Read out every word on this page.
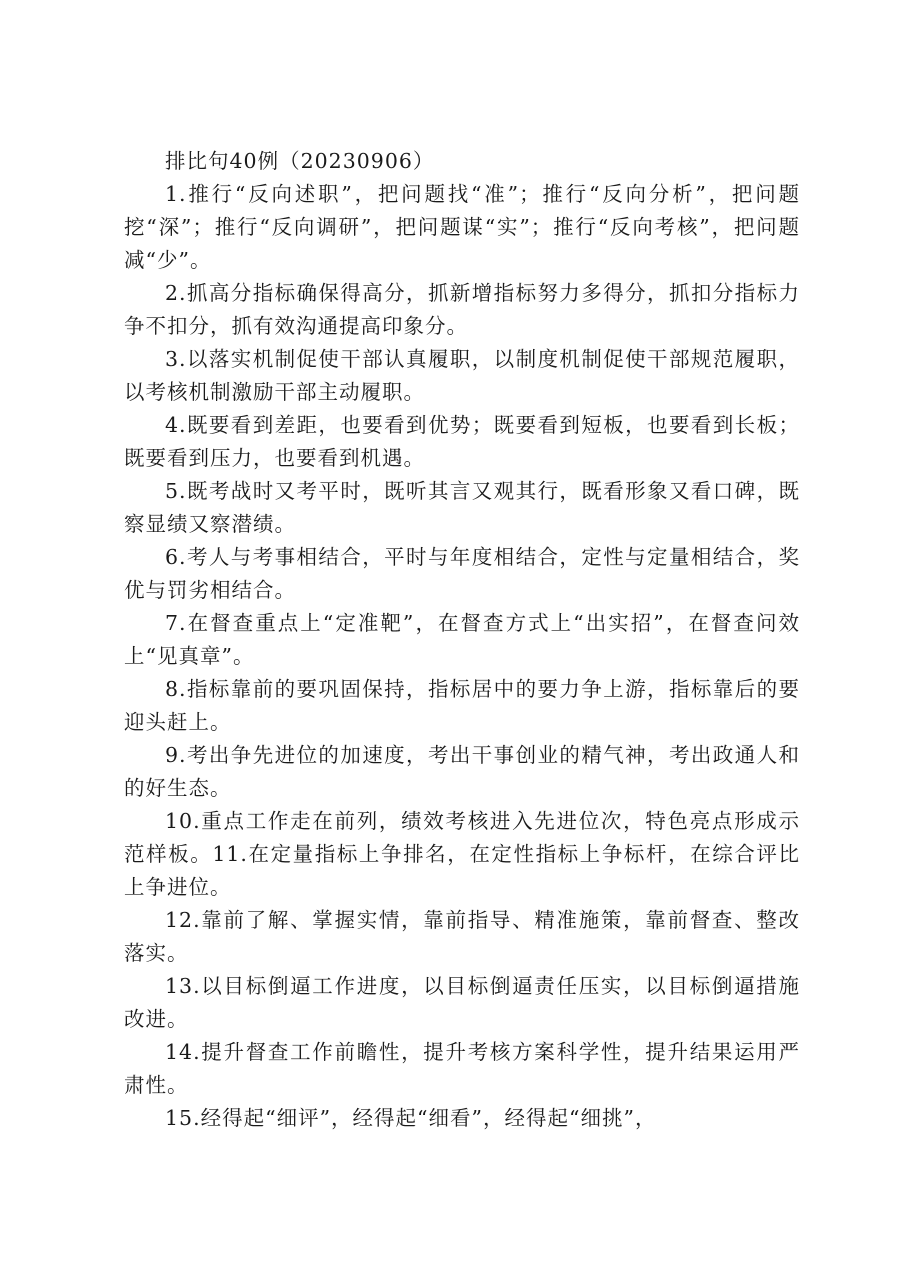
排比句40例（20230906）

1.推行“反向述职”，把问题找“准”；推行“反向分析”，把问题挖“深”；推行“反向调研”，把问题谋“实”；推行“反向考核”，把问题减“少”。

2.抓高分指标确保得高分，抓新增指标努力多得分，抓扣分指标力争不扣分，抓有效沟通提高印象分。

3.以落实机制促使干部认真履职，以制度机制促使干部规范履职，以考核机制激励干部主动履职。

4.既要看到差距，也要看到优势；既要看到短板，也要看到长板；既要看到压力，也要看到机遇。

5.既考战时又考平时，既听其言又观其行，既看形象又看口碑，既察显绩又察潜绩。

6.考人与考事相结合，平时与年度相结合，定性与定量相结合，奖优与罚劣相结合。

7.在督查重点上“定准靶”，在督查方式上“出实招”，在督查问效上“见真章”。

8.指标靠前的要巩固保持，指标居中的要力争上游，指标靠后的要迎头赶上。

9.考出争先进位的加速度，考出干事创业的精气神，考出政通人和的好生态。

10.重点工作走在前列，绩效考核进入先进位次，特色亮点形成示范样板。11.在定量指标上争排名，在定性指标上争标杆，在综合评比上争进位。

12.靠前了解、掌握实情，靠前指导、精准施策，靠前督查、整改落实。

13.以目标倒逼工作进度，以目标倒逼责任压实，以目标倒逼措施改进。

14.提升督查工作前瞻性，提升考核方案科学性，提升结果运用严肃性。

15.经得起“细评”，经得起“细看”，经得起“细挑”，
